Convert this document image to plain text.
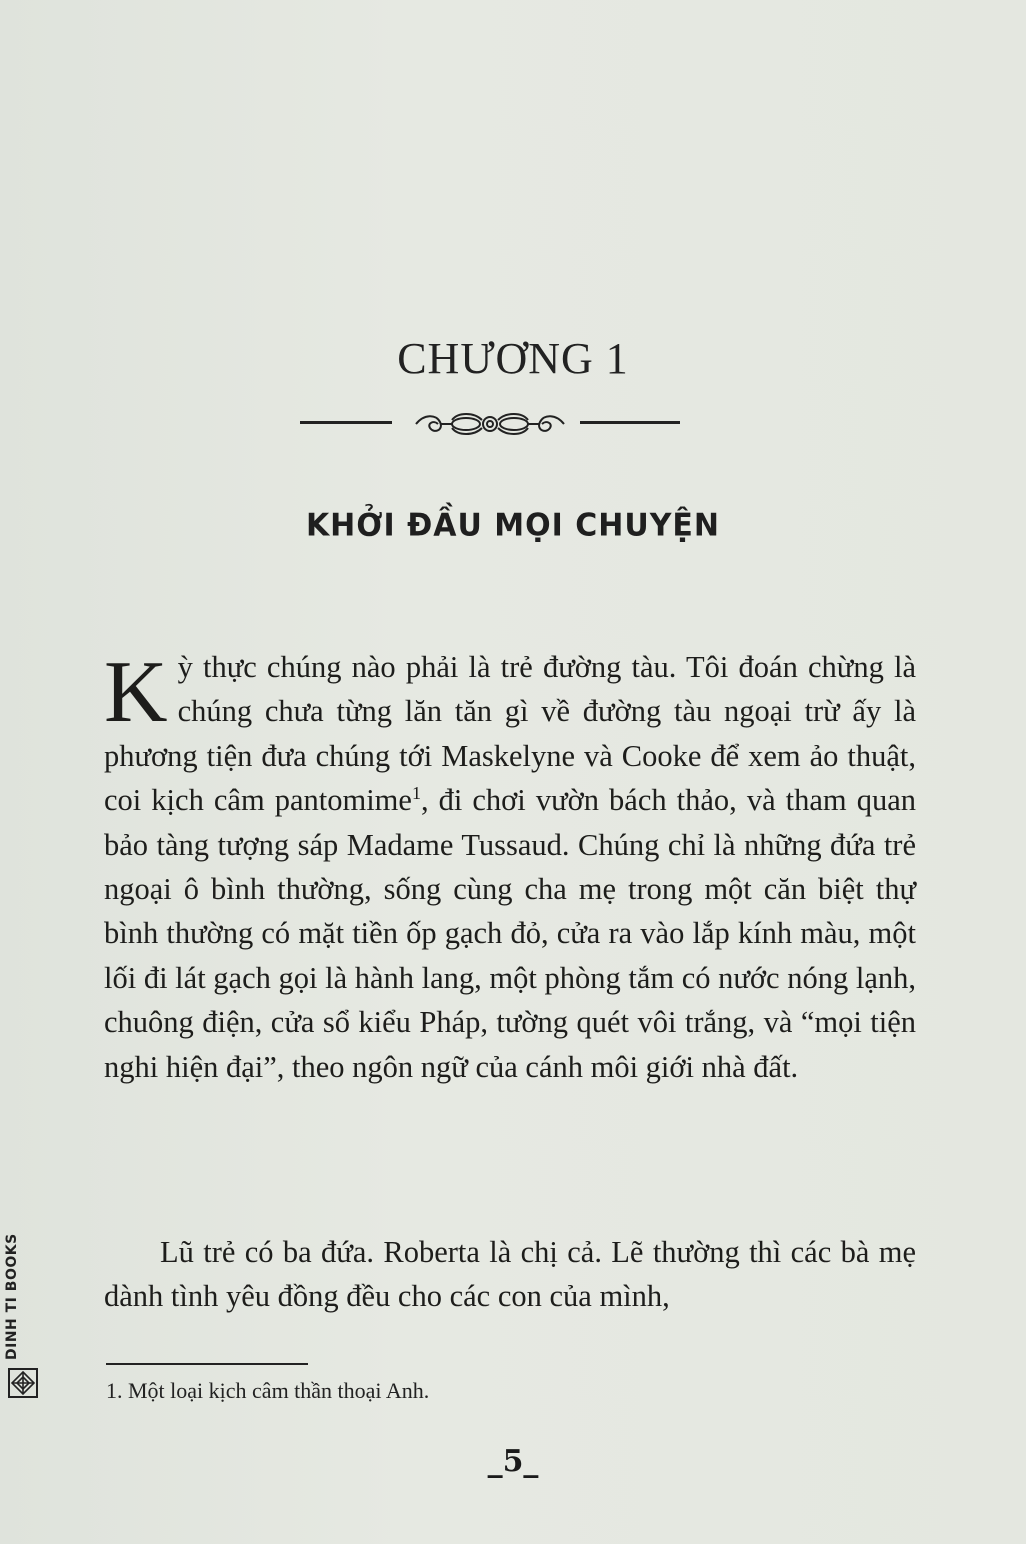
CHƯƠNG 1
KHỞI ĐẦU MỌI CHUYỆN

Kỳ thực chúng nào phải là trẻ đường tàu. Tôi đoán chừng là chúng chưa từng lăn tăn gì về đường tàu ngoại trừ ấy là phương tiện đưa chúng tới Maskelyne và Cooke để xem ảo thuật, coi kịch câm pantomime$^1$, đi chơi vườn bách thảo, và tham quan bảo tàng tượng sáp Madame Tussaud. Chúng chỉ là những đứa trẻ ngoại ô bình thường, sống cùng cha mẹ trong một căn biệt thự bình thường có mặt tiền ốp gạch đỏ, cửa ra vào lắp kính màu, một lối đi lát gạch gọi là hành lang, một phòng tắm có nước nóng lạnh, chuông điện, cửa sổ kiểu Pháp, tường quét vôi trắng, và “mọi tiện nghi hiện đại”, theo ngôn ngữ của cánh môi giới nhà đất.

Lũ trẻ có ba đứa. Roberta là chị cả. Lẽ thường thì các bà mẹ dành tình yêu đồng đều cho các con của mình,

1. Một loại kịch câm thần thoại Anh.
_5_
DINH TI BOOKS
